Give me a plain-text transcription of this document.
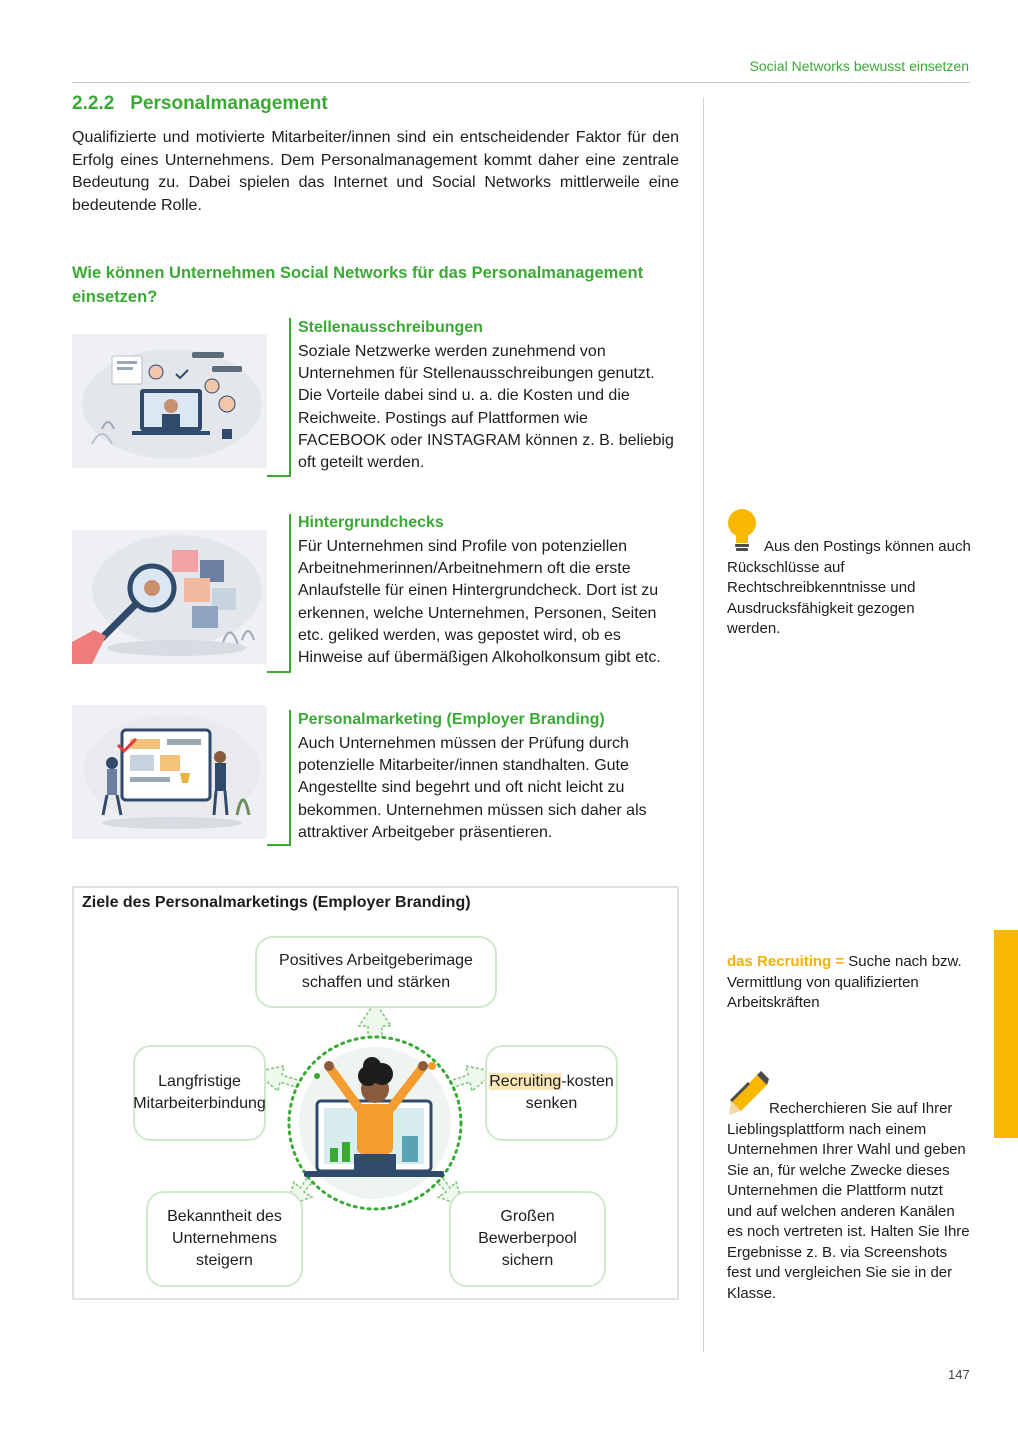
Social Networks bewusst einsetzen
2.2.2 Personalmanagement

Qualifizierte und motivierte Mitarbeiter/innen sind ein entscheidender Faktor für den Erfolg eines Unternehmens. Dem Personalmanagement kommt daher eine zentrale Bedeutung zu. Dabei spielen das Internet und Social Networks mittlerweile eine bedeutende Rolle.

Wie können Unternehmen Social Networks für das Personalmanagement einsetzen?
Stellenausschreibungen

Soziale Netzwerke werden zunehmend von Unternehmen für Stellenausschreibungen genutzt. Die Vorteile dabei sind u. a. die Kosten und die Reichweite. Postings auf Plattformen wie FACEBOOK oder INSTAGRAM können z. B. beliebig oft geteilt werden.

Hintergrundchecks

Für Unternehmen sind Profile von potenziellen Arbeitnehmerinnen/Arbeitnehmern oft die erste Anlaufstelle für einen Hintergrundcheck. Dort ist zu erkennen, welche Unternehmen, Personen, Seiten etc. geliked werden, was gepostet wird, ob es Hinweise auf übermäßigen Alkoholkonsum gibt etc.

Personalmarketing (Employer Branding)

Auch Unternehmen müssen der Prüfung durch potenzielle Mitarbeiter/innen standhalten. Gute Angestellte sind begehrt und oft nicht leicht zu bekommen. Unternehmen müssen sich daher als attraktiver Arbeitgeber präsentieren.

Ziele des Personalmarketings (Employer Branding)
Positives Arbeitgeberimage schaffen und stärken
Langfristige Mitarbeiterbindung
Recruiting-kosten senken
Bekanntheit des Unternehmens steigern
Großen Bewerberpool sichern

Aus den Postings können auch Rückschlüsse auf Rechtschreibkenntnisse und Ausdrucksfähigkeit gezogen werden.

das Recruiting = Suche nach bzw. Vermittlung von qualifizierten Arbeitskräften

Recherchieren Sie auf Ihrer Lieblingsplattform nach einem Unternehmen Ihrer Wahl und geben Sie an, für welche Zwecke dieses Unternehmen die Plattform nutzt und auf welchen anderen Kanälen es noch vertreten ist. Halten Sie Ihre Ergebnisse z. B. via Screenshots fest und vergleichen Sie sie in der Klasse.

147
